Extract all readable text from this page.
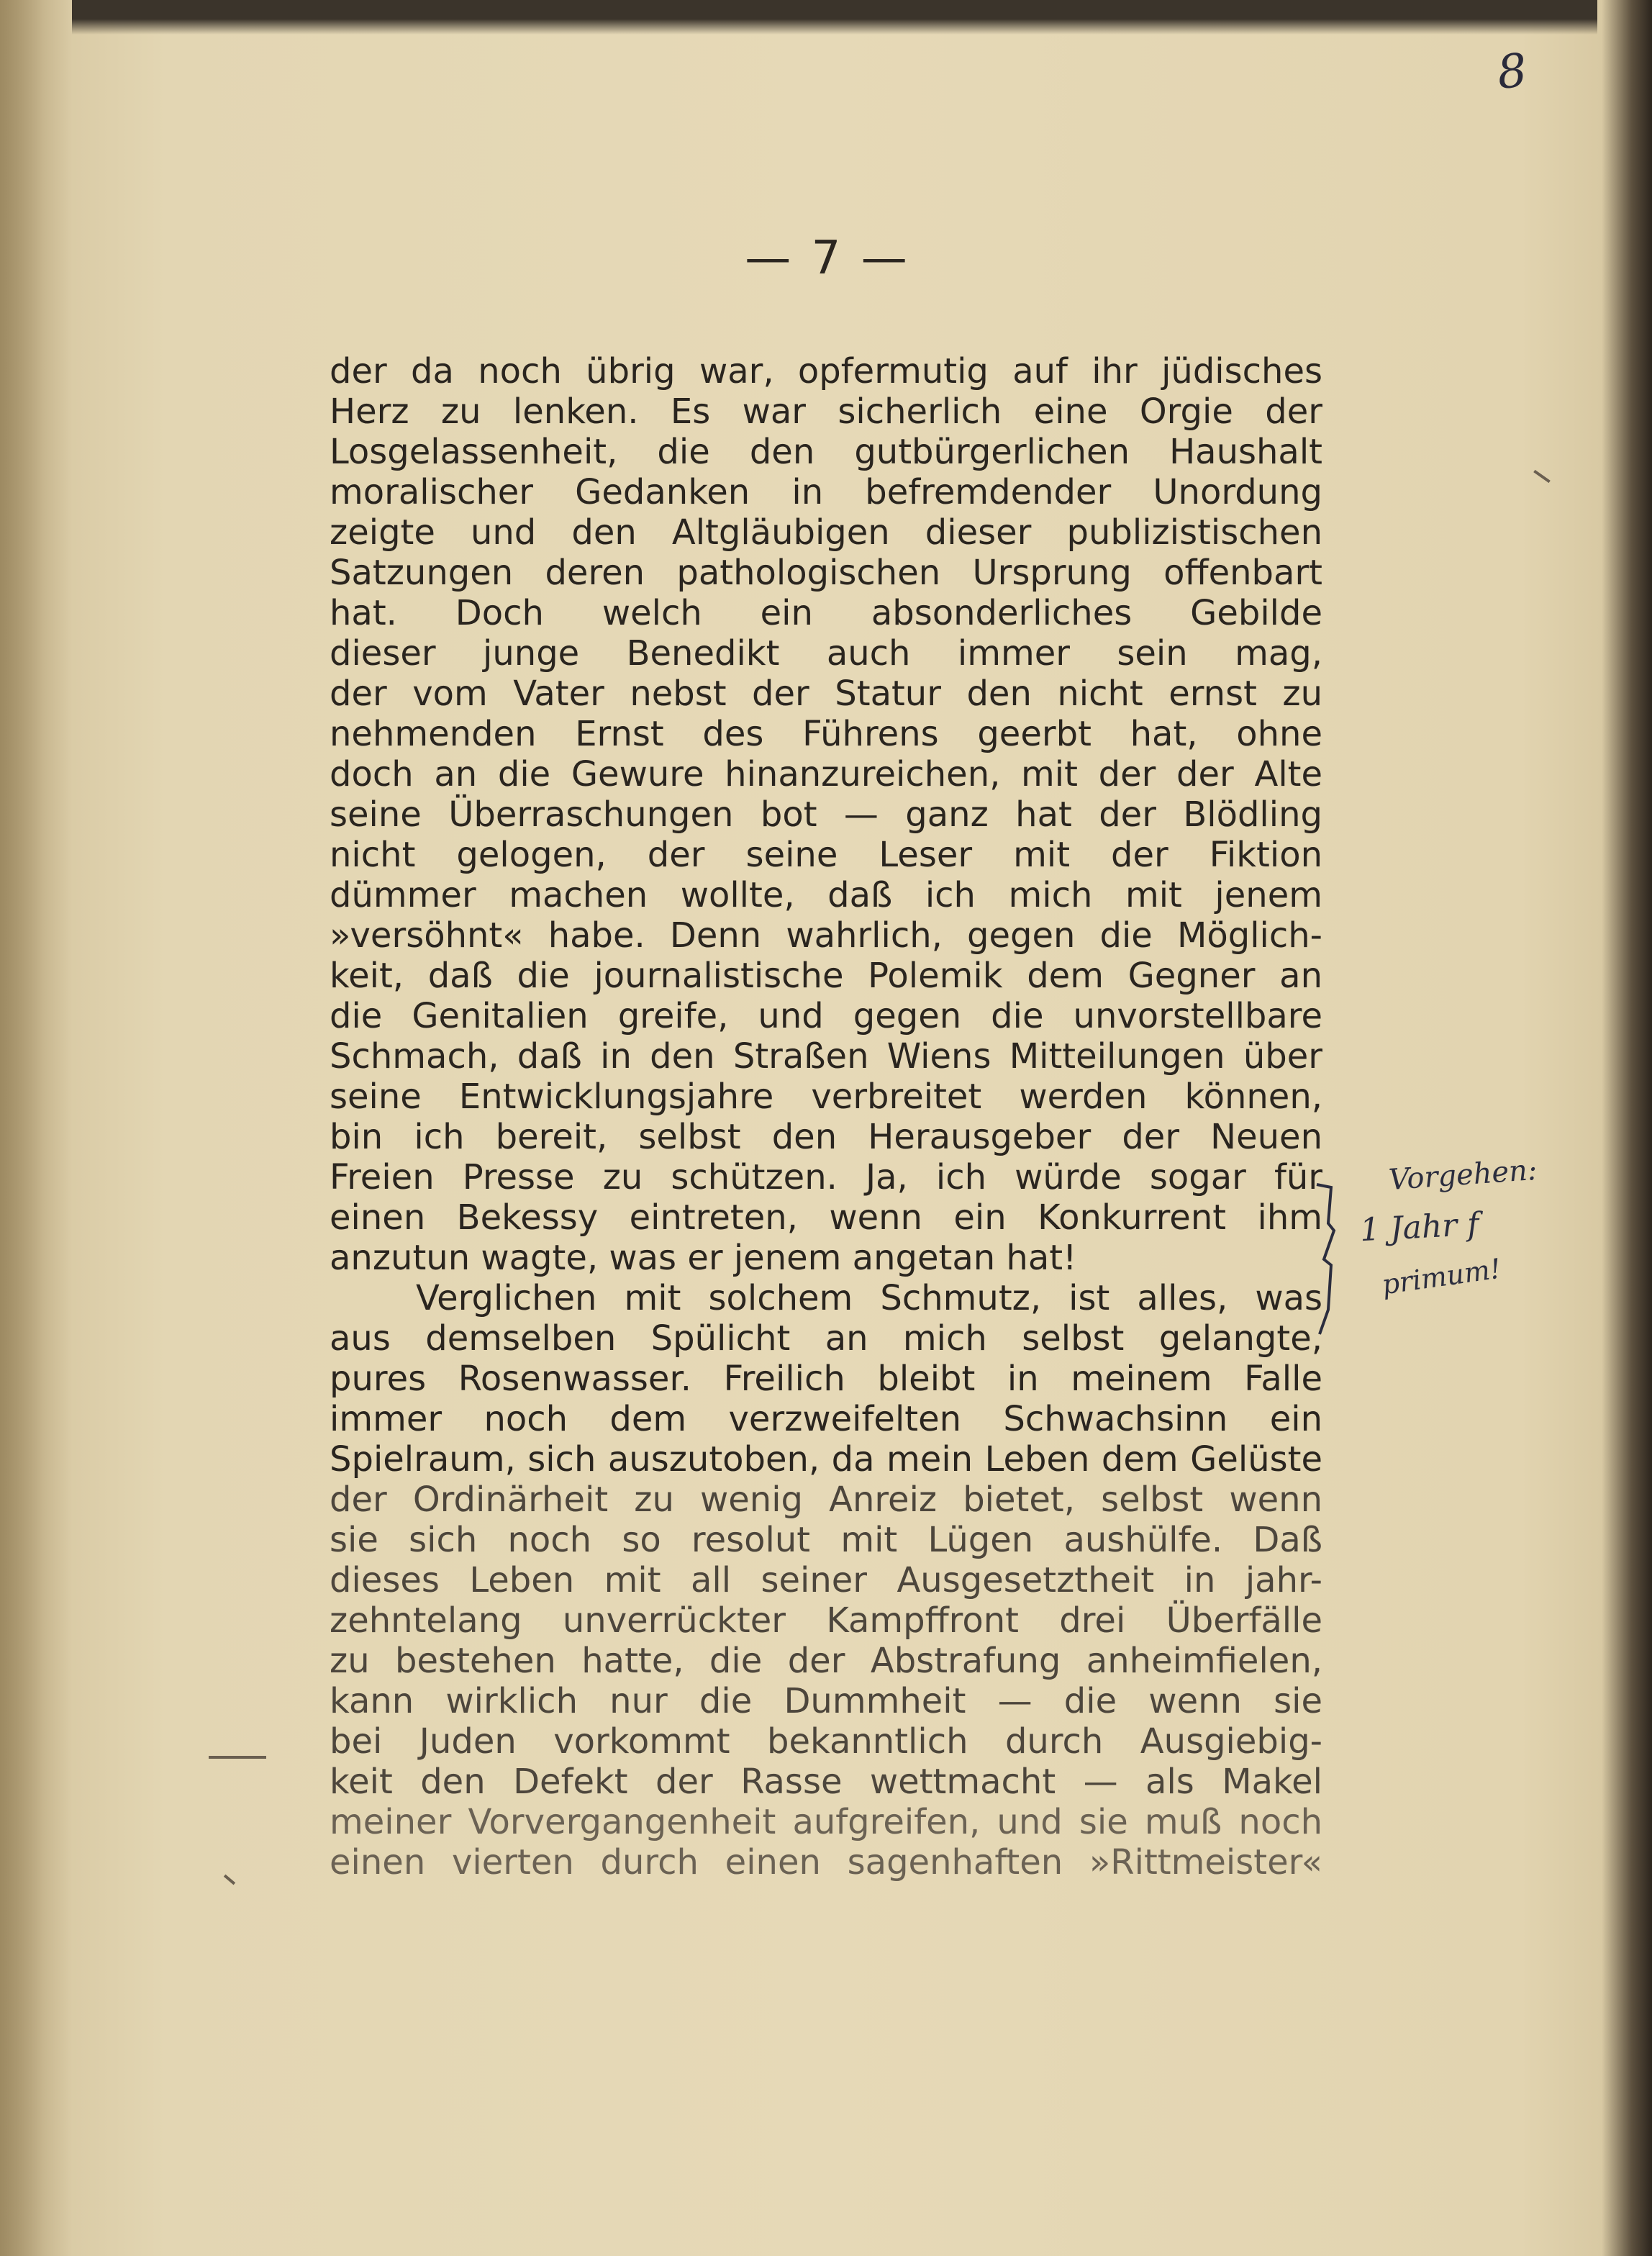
8
— 7 —
der da noch übrig war, opfermutig auf ihr jüdisches
Herz zu lenken. Es war sicherlich eine Orgie der
Losgelassenheit, die den gutbürgerlichen Haushalt
moralischer Gedanken in befremdender Unordung
zeigte und den Altgläubigen dieser publizistischen
Satzungen deren pathologischen Ursprung offenbart
hat. Doch welch ein absonderliches Gebilde
dieser junge Benedikt auch immer sein mag,
der vom Vater nebst der Statur den nicht ernst zu
nehmenden Ernst des Führens geerbt hat, ohne
doch an die Gewure hinanzureichen, mit der der Alte
seine Überraschungen bot — ganz hat der Blödling
nicht gelogen, der seine Leser mit der Fiktion
dümmer machen wollte, daß ich mich mit jenem
»versöhnt« habe. Denn wahrlich, gegen die Möglich-
keit, daß die journalistische Polemik dem Gegner an
die Genitalien greife, und gegen die unvorstellbare
Schmach, daß in den Straßen Wiens Mitteilungen über
seine Entwicklungsjahre verbreitet werden können,
bin ich bereit, selbst den Herausgeber der Neuen
Freien Presse zu schützen. Ja, ich würde sogar für
einen Bekessy eintreten, wenn ein Konkurrent ihm
anzutun wagte, was er jenem angetan hat!
Verglichen mit solchem Schmutz, ist alles, was
aus demselben Spülicht an mich selbst gelangte,
pures Rosenwasser. Freilich bleibt in meinem Falle
immer noch dem verzweifelten Schwachsinn ein
Spielraum, sich auszutoben, da mein Leben dem Gelüste
der Ordinärheit zu wenig Anreiz bietet, selbst wenn
sie sich noch so resolut mit Lügen aushülfe. Daß
dieses Leben mit all seiner Ausgesetztheit in jahr-
zehntelang unverrückter Kampffront drei Überfälle
zu bestehen hatte, die der Abstrafung anheimfielen,
kann wirklich nur die Dummheit — die wenn sie
bei Juden vorkommt bekanntlich durch Ausgiebig-
keit den Defekt der Rasse wettmacht — als Makel
meiner Vorvergangenheit aufgreifen, und sie muß noch
einen vierten durch einen sagenhaften »Rittmeister«
Vorgehen:
1 Jahr f
primum!
